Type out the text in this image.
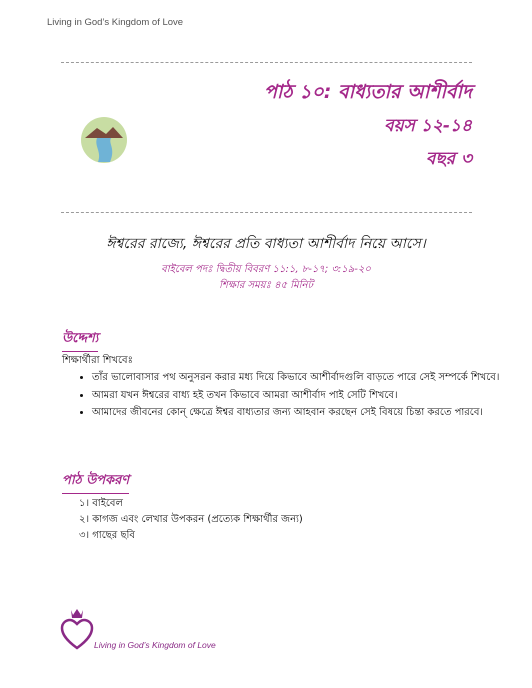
Living in God’s Kingdom of Love
পাঠ ১০: বাধ্যতার আশীর্বাদ
বয়স ১২-১৪
বছর ৩
ঈশ্বরের রাজ্যে, ঈশ্বরের প্রতি বাধ্যতা আশীর্বাদ নিয়ে আসে।
বাইবেল পদঃ দ্বিতীয় বিবরণ ১১:১, ৮-১৭; ৩:১৯-২০
শিক্ষার সময়ঃ ৪৫ মিনিট
উদ্দেশ্য
শিক্ষার্থীরা শিখবেঃ
• তাঁর ভালোবাসার পথ অনুসরন করার মধ্য দিয়ে কিভাবে আশীর্বাদগুলি বাড়তে পারে সেই সম্পর্কে শিখবে।
• আমরা যখন ঈশ্বরের বাধ্য হই তখন কিভাবে আমরা আশীর্বাদ পাই সেটি শিখবে।
• আমাদের জীবনের কোন্‌ ক্ষেত্রে ঈশ্বর বাধ্যতার জন্য আহবান করছেন সেই বিষয়ে চিন্তা করতে পারবে।
পাঠ উপকরণ
১। বাইবেল
২। কাগজ এবং লেখার উপকরন (প্রত্যেক শিক্ষার্থীর জন্য)
৩। গাছের ছবি
Living in God’s Kingdom of Love
